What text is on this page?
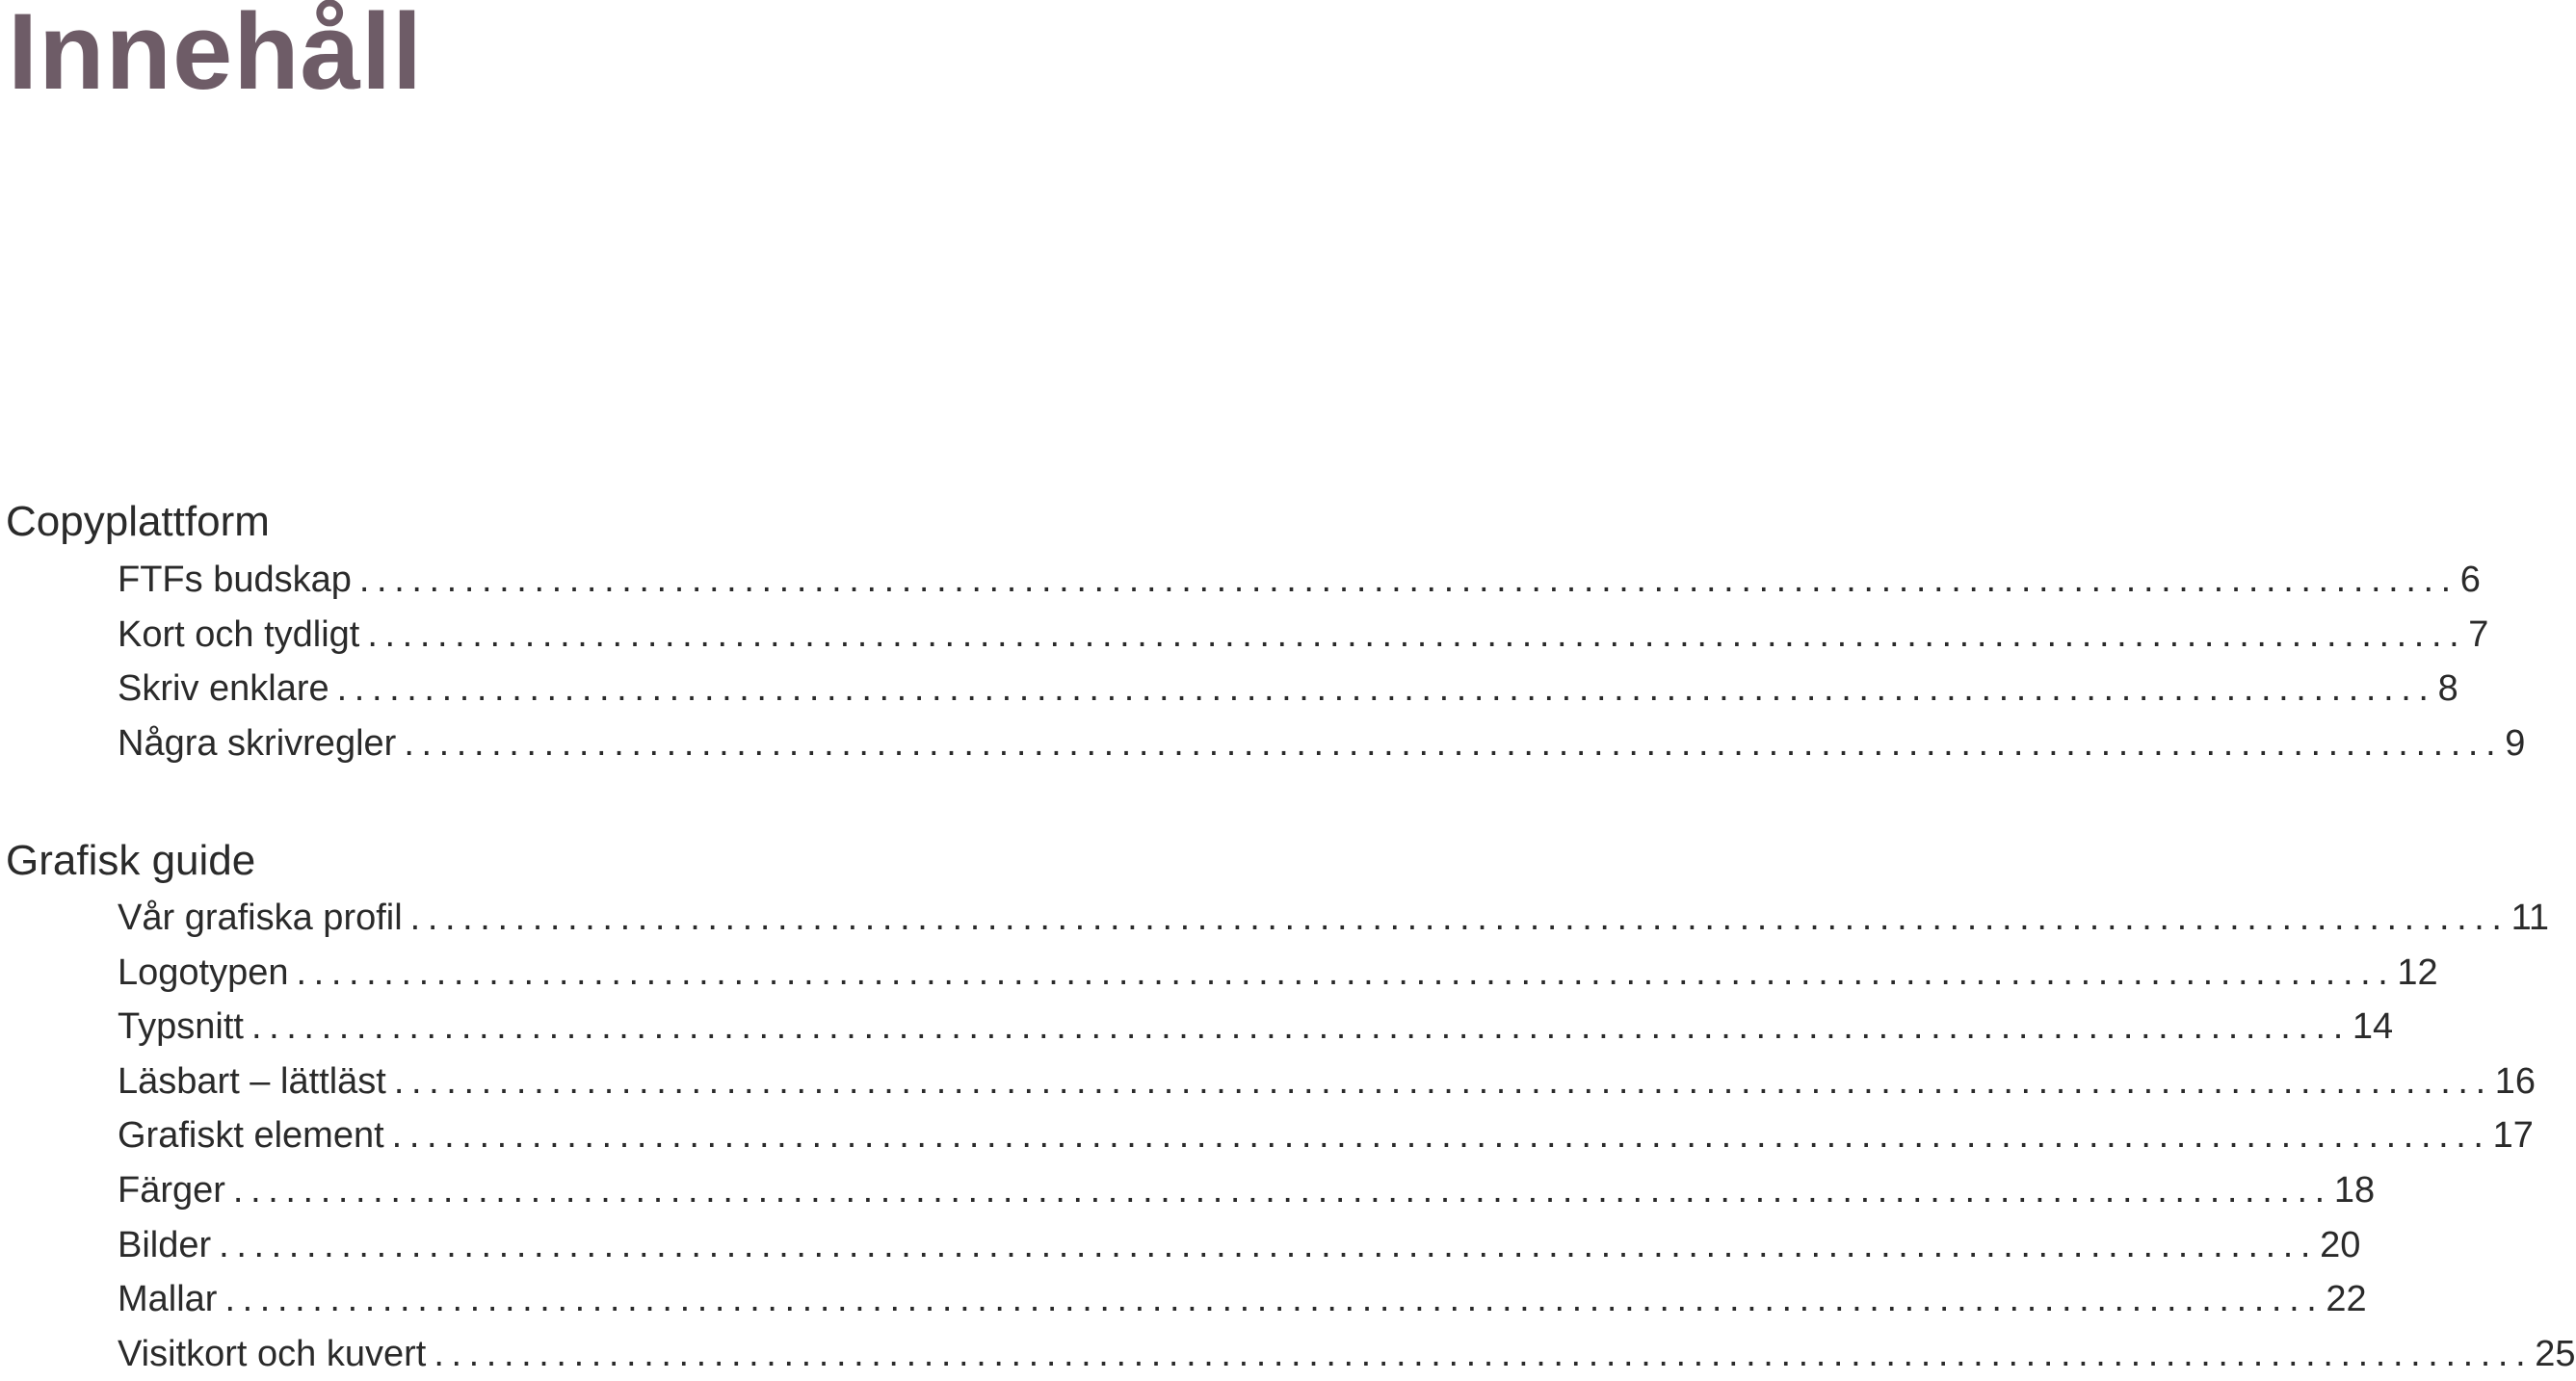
Innehåll
Copyplattform
FTFs budskap ........................................................................................................................ 6
Kort och tydligt ........................................................................................................................ 7
Skriv enklare ........................................................................................................................ 8
Några skrivregler ........................................................................................................................ 9
Grafisk guide
Vår grafiska profil ........................................................................................................................ 11
Logotypen ........................................................................................................................ 12
Typsnitt ........................................................................................................................ 14
Läsbart – lättläst ........................................................................................................................ 16
Grafiskt element ........................................................................................................................ 17
Färger ........................................................................................................................ 18
Bilder ........................................................................................................................ 20
Mallar ........................................................................................................................ 22
Visitkort och kuvert ........................................................................................................................ 25
